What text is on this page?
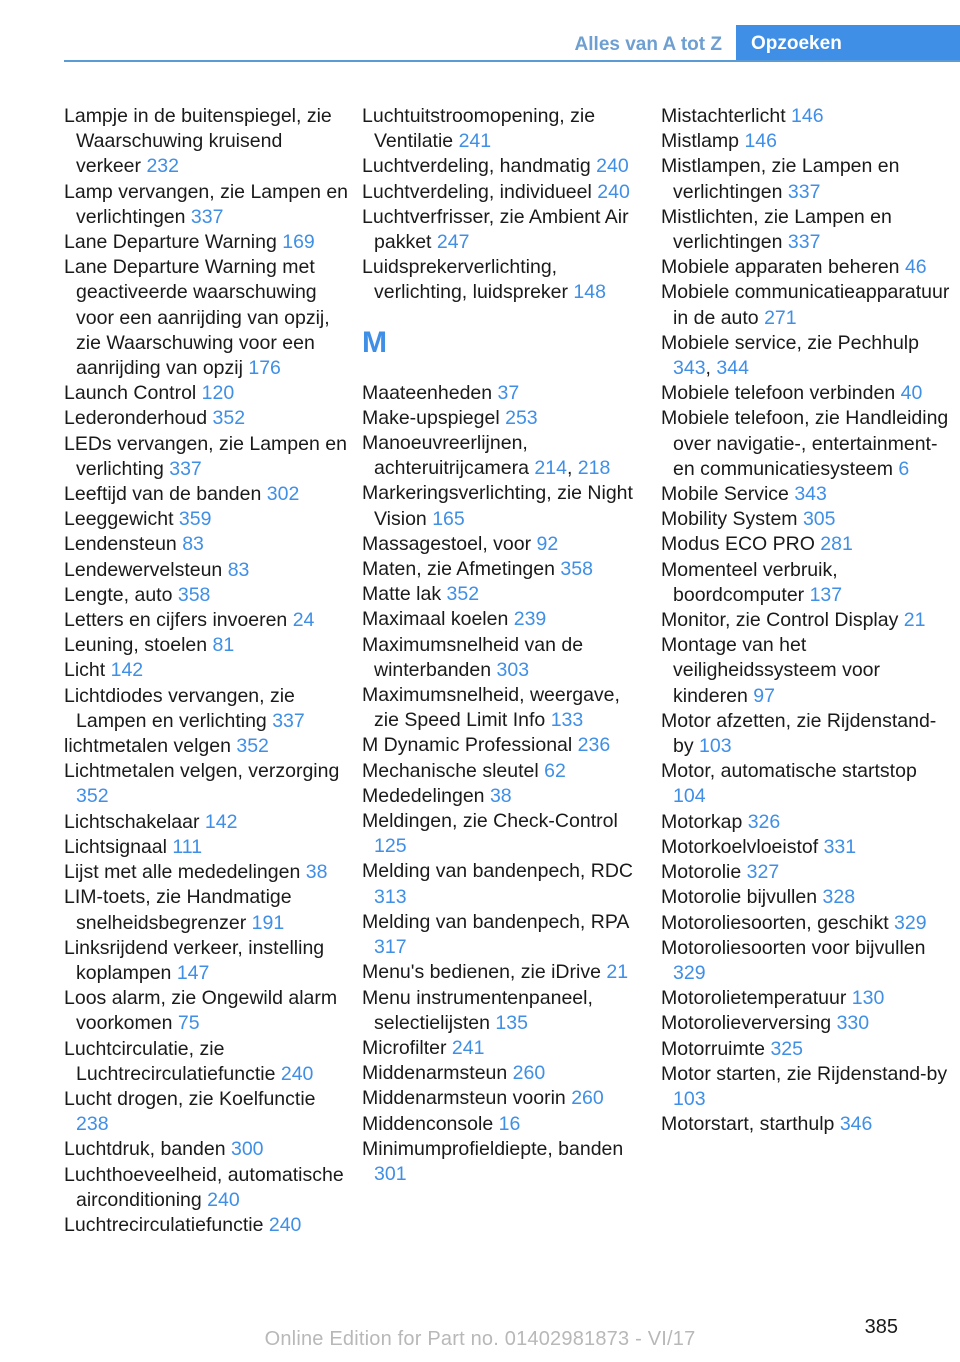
Alles van A tot Z	Opzoeken
Lampje in de buitenspiegel, zie Waarschuwing kruisend verkeer 232
Lamp vervangen, zie Lampen en verlichtingen 337
Lane Departure Warning 169
Lane Departure Warning met geactiveerde waarschuwing voor een aanrijding van opzij, zie Waarschuwing voor een aanrijding van opzij 176
Launch Control 120
Lederonderhoud 352
LEDs vervangen, zie Lampen en verlichting 337
Leeftijd van de banden 302
Leeggewicht 359
Lendensteun 83
Lendewervelsteun 83
Lengte, auto 358
Letters en cijfers invoeren 24
Leuning, stoelen 81
Licht 142
Lichtdiodes vervangen, zie Lampen en verlichting 337
lichtmetalen velgen 352
Lichtmetalen velgen, verzorging 352
Lichtschakelaar 142
Lichtsignaal 111
Lijst met alle mededelingen 38
LIM-toets, zie Handmatige snelheidsbegrenzer 191
Linksrijdend verkeer, instelling koplampen 147
Loos alarm, zie Ongewild alarm voorkomen 75
Luchtcirculatie, zie Luchtrecirculatiefunctie 240
Lucht drogen, zie Koelfunctie 238
Luchtdruk, banden 300
Luchthoeveelheid, automatische airconditioning 240
Luchtrecirculatiefunctie 240
Luchtuitstroomopening, zie Ventilatie 241
Luchtverdeling, handmatig 240
Luchtverdeling, individueel 240
Luchtverfrisser, zie Ambient Air pakket 247
Luidsprekerverlichting, verlichting, luidspreker 148
M
Maateenheden 37
Make-upspiegel 253
Manoeuvreerlijnen, achteruitrijcamera 214, 218
Markeringsverlichting, zie Night Vision 165
Massagestoel, voor 92
Maten, zie Afmetingen 358
Matte lak 352
Maximaal koelen 239
Maximumsnelheid van de winterbanden 303
Maximumsnelheid, weergave, zie Speed Limit Info 133
M Dynamic Professional 236
Mechanische sleutel 62
Mededelingen 38
Meldingen, zie Check-Control 125
Melding van bandenpech, RDC 313
Melding van bandenpech, RPA 317
Menu's bedienen, zie iDrive 21
Menu instrumentenpaneel, selectielijsten 135
Microfilter 241
Middenarmsteun 260
Middenarmsteun voorin 260
Middenconsole 16
Minimumprofieldiepte, banden 301
Mistachterlicht 146
Mistlamp 146
Mistlampen, zie Lampen en verlichtingen 337
Mistlichten, zie Lampen en verlichtingen 337
Mobiele apparaten beheren 46
Mobiele communicatieapparatuur in de auto 271
Mobiele service, zie Pechhulp 343, 344
Mobiele telefoon verbinden 40
Mobiele telefoon, zie Handleiding over navigatie-, entertainment- en communicatiesysteem 6
Mobile Service 343
Mobility System 305
Modus ECO PRO 281
Momenteel verbruik, boordcomputer 137
Monitor, zie Control Display 21
Montage van het veiligheidssysteem voor kinderen 97
Motor afzetten, zie Rijdenstand-by 103
Motor, automatische startstop 104
Motorkap 326
Motorkoelvloeistof 331
Motorolie 327
Motorolie bijvullen 328
Motoroliesoorten, geschikt 329
Motoroliesoorten voor bijvullen 329
Motorolietemperatuur 130
Motorolieverversing 330
Motorruimte 325
Motor starten, zie Rijdenstand-by 103
Motorstart, starthulp 346
385
Online Edition for Part no. 01402981873 - VI/17
